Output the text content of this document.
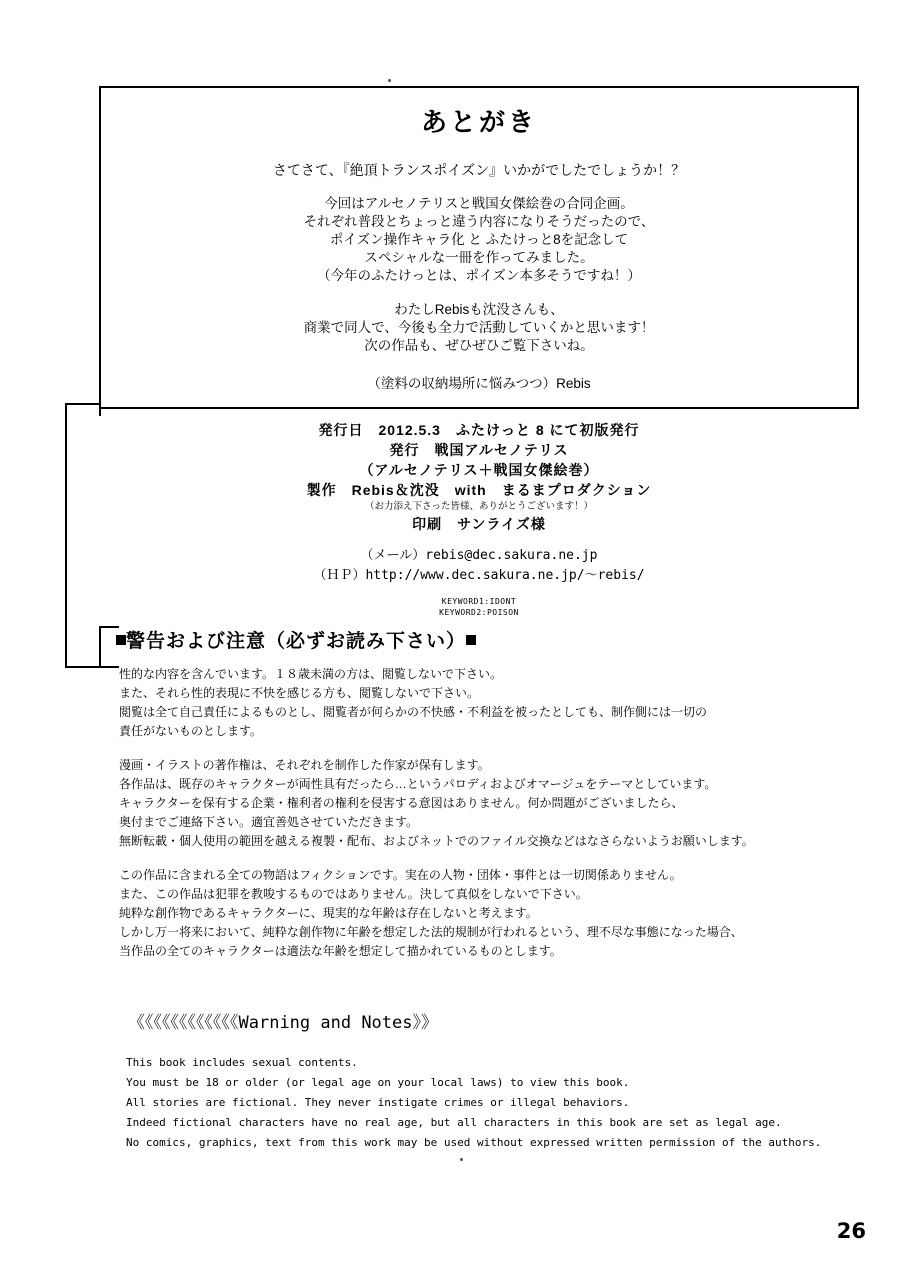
あとがき
さてさて、『絶頂トランスポイズン』いかがでしたでしょうか！？
今回はアルセノテリスと戦国女傑絵巻の合同企画。
それぞれ普段とちょっと違う内容になりそうだったので、
ポイズン操作キャラ化 と ふたけっと8を記念して
スペシャルな一冊を作ってみました。
（今年のふたけっとは、ポイズン本多そうですね！）
わたしRebisも沈没さんも、
商業で同人で、今後も全力で活動していくかと思います！
次の作品も、ぜひぜひご覧下さいね。
（塗料の収納場所に悩みつつ）Rebis
発行日　2012.5.3　ふたけっと 8 にて初版発行
発行　戦国アルセノテリス
（アルセノテリス＋戦国女傑絵巻）
製作　Rebis＆沈没　with　まるまプロダクション
（お力添え下さった皆様、ありがとうございます！）
印刷　サンライズ様
（メール）rebis@dec.sakura.ne.jp
（ＨＰ）http://www.dec.sakura.ne.jp/～rebis/
KEYWORD1:IDONT
KEYWORD2:POISON
警告および注意（必ずお読み下さい）
性的な内容を含んでいます。１８歳未満の方は、閲覧しないで下さい。
また、それら性的表現に不快を感じる方も、閲覧しないで下さい。
閲覧は全て自己責任によるものとし、閲覧者が何らかの不快感・不利益を被ったとしても、制作側には一切の
責任がないものとします。
漫画・イラストの著作権は、それぞれを制作した作家が保有します。
各作品は、既存のキャラクターが両性具有だったら…というパロディおよびオマージュをテーマとしています。
キャラクターを保有する企業・権利者の権利を侵害する意図はありません。何か問題がございましたら、
奥付までご連絡下さい。適宜善処させていただきます。
無断転載・個人使用の範囲を越える複製・配布、およびネットでのファイル交換などはなさらないようお願いします。
この作品に含まれる全ての物語はフィクションです。実在の人物・団体・事件とは一切関係ありません。
また、この作品は犯罪を教唆するものではありません。決して真似をしないで下さい。
純粋な創作物であるキャラクターに、現実的な年齢は存在しないと考えます。
しかし万一将来において、純粋な創作物に年齢を想定した法的規制が行われるという、理不尽な事態になった場合、
当作品の全てのキャラクターは適法な年齢を想定して描かれているものとします。
《《《《《《《《《《《《Warning and Notes》》
This book includes sexual contents.
You must be 18 or older (or legal age on your local laws) to view this book.
All stories are fictional. They never instigate crimes or illegal behaviors.
Indeed fictional characters have no real age, but all characters in this book are set as legal age.
No comics, graphics, text from this work may be used without expressed written permission of the authors.
26
